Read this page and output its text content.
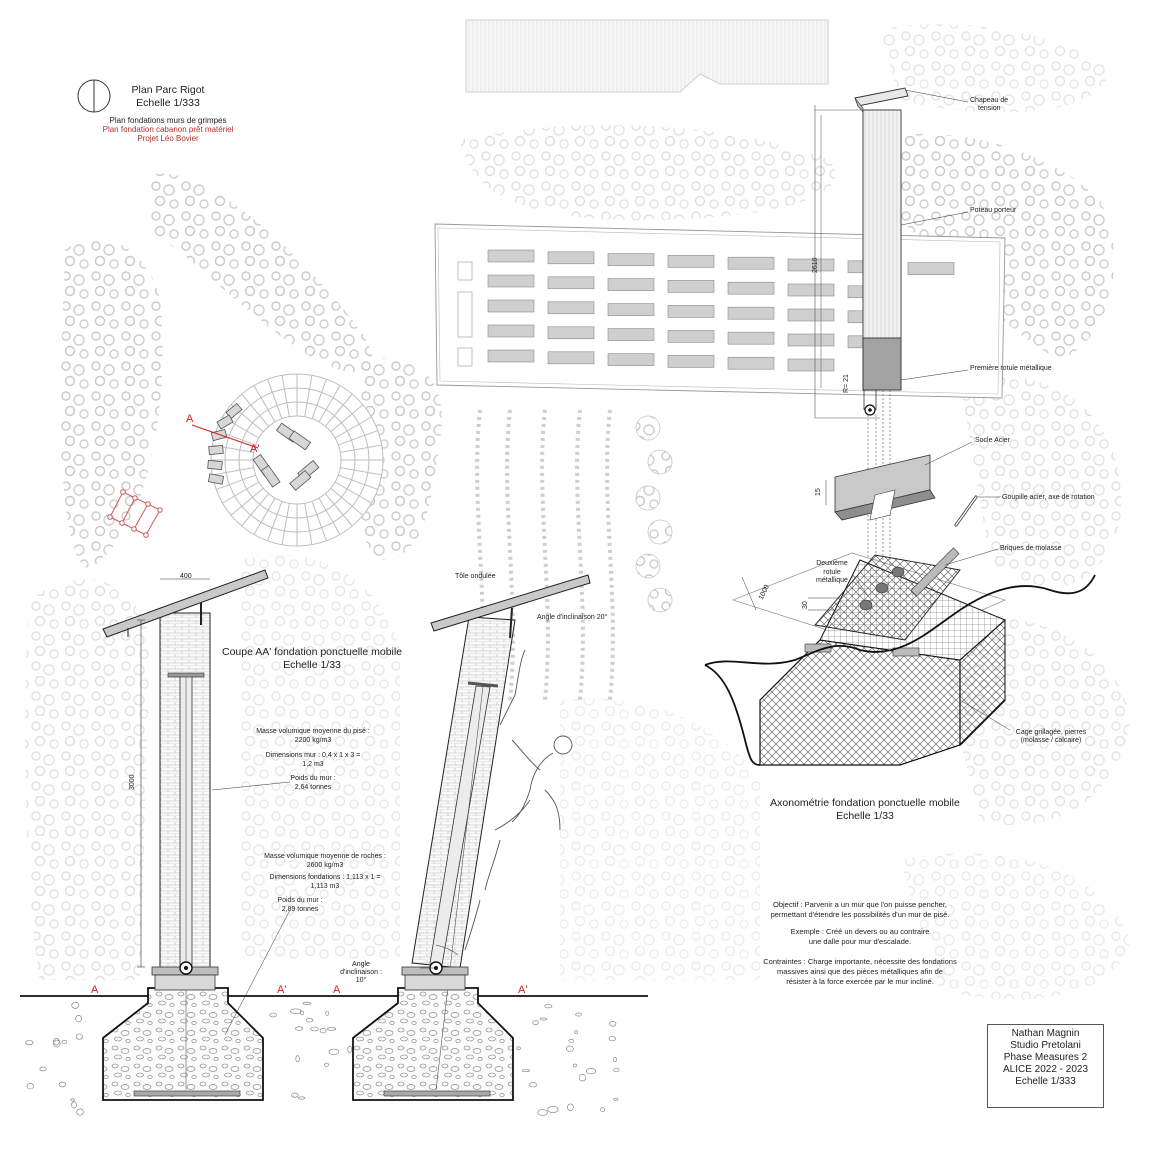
Plan Parc Rigot
Echelle 1/333
Plan fondations murs de grimpes
Plan fondation cabanon prêt matériel
Projet Léo Bovier
A
A'
Coupe AA' fondation ponctuelle mobile
Echelle 1/33
400
3000
Masse volumique moyenne du pisé :
2200 kg/m3
Dimensions mur : 0,4 x 1 x 3 =
1,2 m3
Poids du mur :
2,64 tonnes
Masse volumique moyenne de roches :
2600 kg/m3
Dimensions fondations : 1,113 x 1 =
1,113 m3
Poids du mur :
2,89 tonnes
Tôle ondulée
Angle d'inclinaison 20°
Angle
d'inclinaison :
10°
A	A'	A	A'
Chapeau de
tension
Poteau porteur
Première rotule métallique
Socle Acier
Goupille acier, axe de rotation
Briques de molasse
Deuxième
rotule
métallique
Cage grillagée, pierres
(molasse / calcaire)
2610
R= 21
15
1000
30
Axonométrie fondation ponctuelle mobile
Echelle 1/33
Objectif : Parvenir a un mur que l'on puisse pencher,
permettant d'étendre les possibilités d'un mur de pisé.
Exemple : Créé un devers ou au contraire
une dalle pour mur d'escalade.
Contraintes : Charge importante, nécessite des fondations
massives ainsi que des pièces métalliques afin de
résister à la force exercée par le mur incliné.
Nathan Magnin
Studio Pretolani
Phase Measures 2
ALICE 2022 - 2023
Echelle 1/333
